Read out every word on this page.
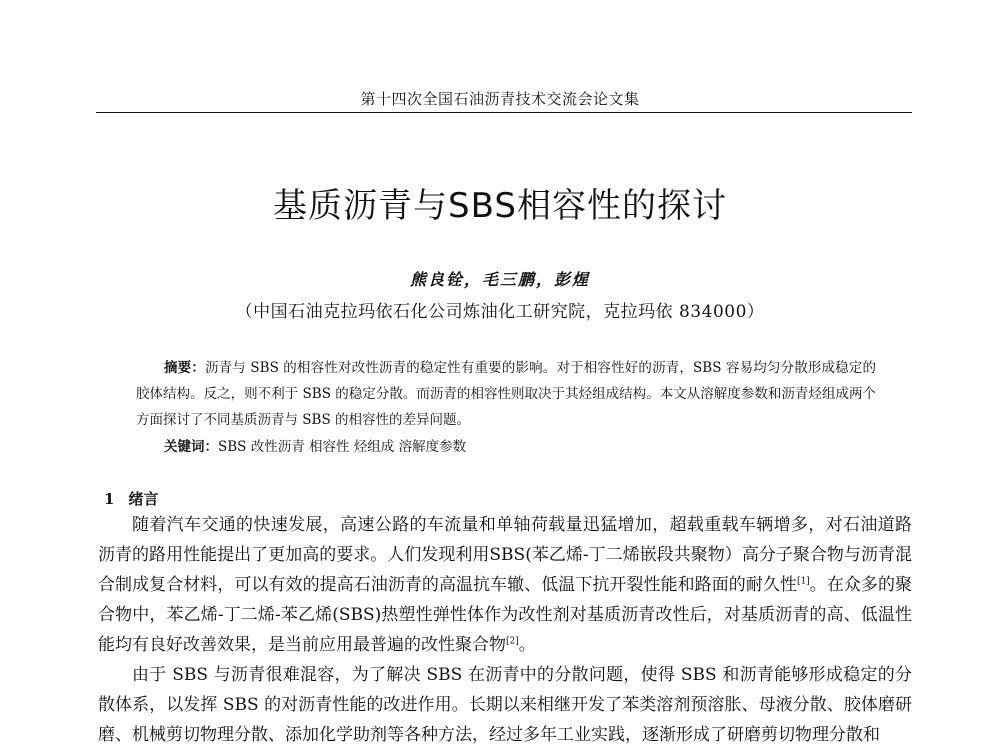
第十四次全国石油沥青技术交流会论文集
基质沥青与SBS相容性的探讨
熊良铨，毛三鹏，彭煋
（中国石油克拉玛依石化公司炼油化工研究院，克拉玛依 834000）

摘要：沥青与 SBS 的相容性对改性沥青的稳定性有重要的影响。对于相容性好的沥青，SBS 容易均匀分散形成稳定的胶体结构。反之，则不利于 SBS 的稳定分散。而沥青的相容性则取决于其烃组成结构。本文从溶解度参数和沥青烃组成两个方面探讨了不同基质沥青与 SBS 的相容性的差异问题。

关键词：SBS 改性沥青 相容性 烃组成 溶解度参数

1 绪言

随着汽车交通的快速发展，高速公路的车流量和单轴荷载量迅猛增加，超载重载车辆增多，对石油道路沥青的路用性能提出了更加高的要求。人们发现利用SBS(苯乙烯-丁二烯嵌段共聚物）高分子聚合物与沥青混合制成复合材料，可以有效的提高石油沥青的高温抗车辙、低温下抗开裂性能和路面的耐久性[1]。在众多的聚合物中，苯乙烯-丁二烯-苯乙烯(SBS)热塑性弹性体作为改性剂对基质沥青改性后，对基质沥青的高、低温性能均有良好改善效果，是当前应用最普遍的改性聚合物[2]。

由于 SBS 与沥青很难混容，为了解决 SBS 在沥青中的分散问题，使得 SBS 和沥青能够形成稳定的分散体系，以发挥 SBS 的对沥青性能的改进作用。长期以来相继开发了苯类溶剂预溶胀、母液分散、胶体磨研磨、机械剪切物理分散、添加化学助剂等各种方法，经过多年工业实践，逐渐形成了研磨剪切物理分散和
